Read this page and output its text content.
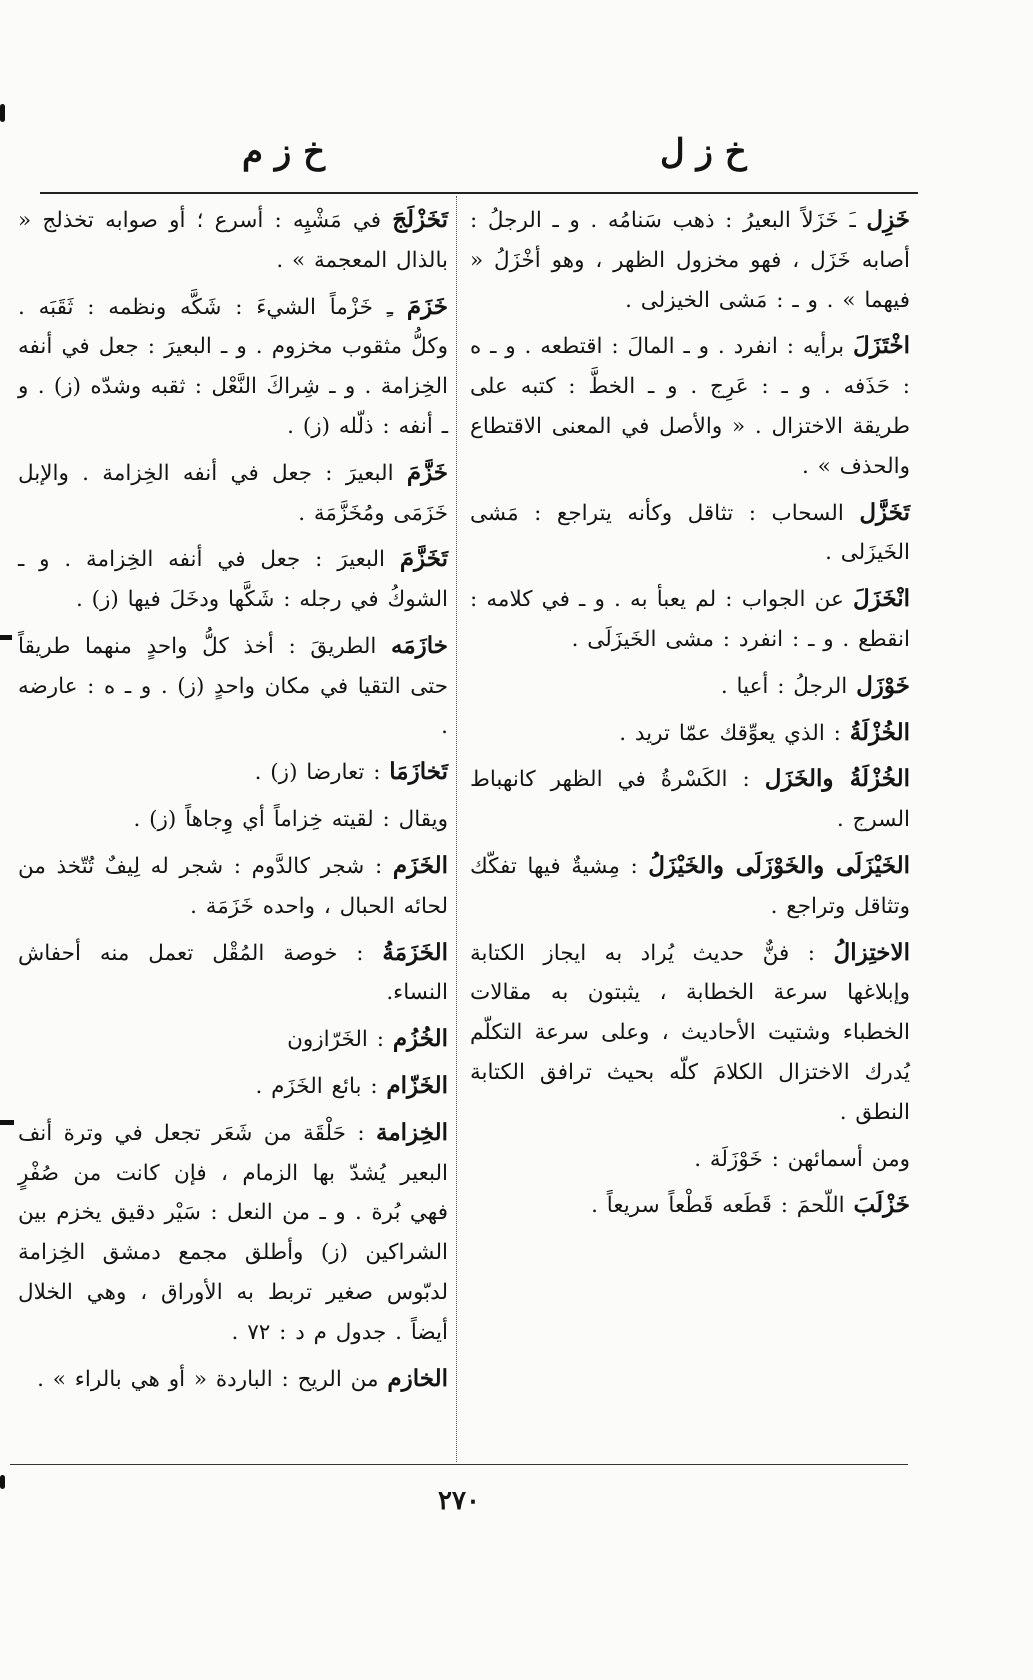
خ ز م	خ ز ل

خَزِل ـَ خَزَلاً البعيرُ : ذهب سَنامُه . و ـ الرجلُ : أصابه خَزَل ، فهو مخزول الظهر ، وهو أخْزَلُ « فيهما » . و ـ : مَشى الخيزلى .

اخْتَزَلَ برأيه : انفرد . و ـ المالَ : اقتطعه . و ـ ه : حَذَفه . و ـ : عَرِج . و ـ الخطَّ : كتبه على طريقة الاختزال . « والأصل في المعنى الاقتطاع والحذف » .

تَخَزَّل السحاب : تثاقل وكأنه يتراجع : مَشى الخَيزَلى .

انْخَزَلَ عن الجواب : لم يعبأ به . و ـ في كلامه : انقطع . و ـ : انفرد : مشى الخَيزَلَى .

خَوْزَل الرجلُ : أعيا .

الخُزْلَةُ : الذي يعوِّقك عمّا تريد .

الخُزْلَةُ والخَزَل : الكَسْرةُ في الظهر كانهباط السرج .

الخَيْزَلَى والخَوْزَلَى والخَيْزَلُ : مِشيةٌ فيها تفكّك وتثاقل وتراجع .

الاختِزالُ : فنٌّ حديث يُراد به ايجاز الكتابة وإبلاغها سرعة الخطابة ، يثبتون به مقالات الخطباء وشتيت الأحاديث ، وعلى سرعة التكلّم يُدرك الاختزال الكلامَ كلّه بحيث ترافق الكتابة النطق .

ومن أسمائهن : خَوْزَلَة .

خَزْلَبَ اللّحمَ : قَطَعه قَطْعاً سريعاً .

تَخَزْلَجَ في مَشْيِه : أسرع ؛ أو صوابه تخذلج « بالذال المعجمة » .

خَزَمَ ـِ خَزْماً الشيءَ : شَكَّه ونظمه : ثَقَبَه . وكلُّ مثقوب مخزوم . و ـ البعيرَ : جعل في أنفه الخِزامة . و ـ شِراكَ النَّعْل : ثقبه وشدّه (ز) . و ـ أنفه : ذلّله (ز) .

خَزَّمَ البعيرَ : جعل في أنفه الخِزامة . والإبل خَزَمَى ومُخَزَّمَة .

تَخَزَّمَ البعيرَ : جعل في أنفه الخِزامة . و ـ الشوكُ في رجله : شَكَّها ودخَلَ فيها (ز) .

خازَمَه الطريقَ : أخذ كلُّ واحدٍ منهما طريقاً حتى التقيا في مكان واحدٍ (ز) . و ـ ه : عارضه .

تَخازَمَا : تعارضا (ز) .

ويقال : لقيته خِزاماً أي وِجاهاً (ز) .

الخَزَم : شجر كالدَّوم : شجر له لِيفٌ تُتّخذ من لحائه الحبال ، واحده خَزَمَة .

الخَزَمَةُ : خوصة المُقْل تعمل منه أحفاش النساء.

الخُزُم : الخَرّازون

الخَزّام : بائع الخَزَم .

الخِزامة : حَلْقَة من شَعَر تجعل في وترة أنف البعير يُشدّ بها الزمام ، فإن كانت من صُفْرٍ فهي بُرة . و ـ من النعل : سَيْر دقيق يخزم بين الشراكين (ز) وأطلق مجمع دمشق الخِزامة لدبّوس صغير تربط به الأوراق ، وهي الخلال أيضاً . جدول م د : ٧٢ .

الخازم من الريح : الباردة « أو هي بالراء » .

٢٧٠
